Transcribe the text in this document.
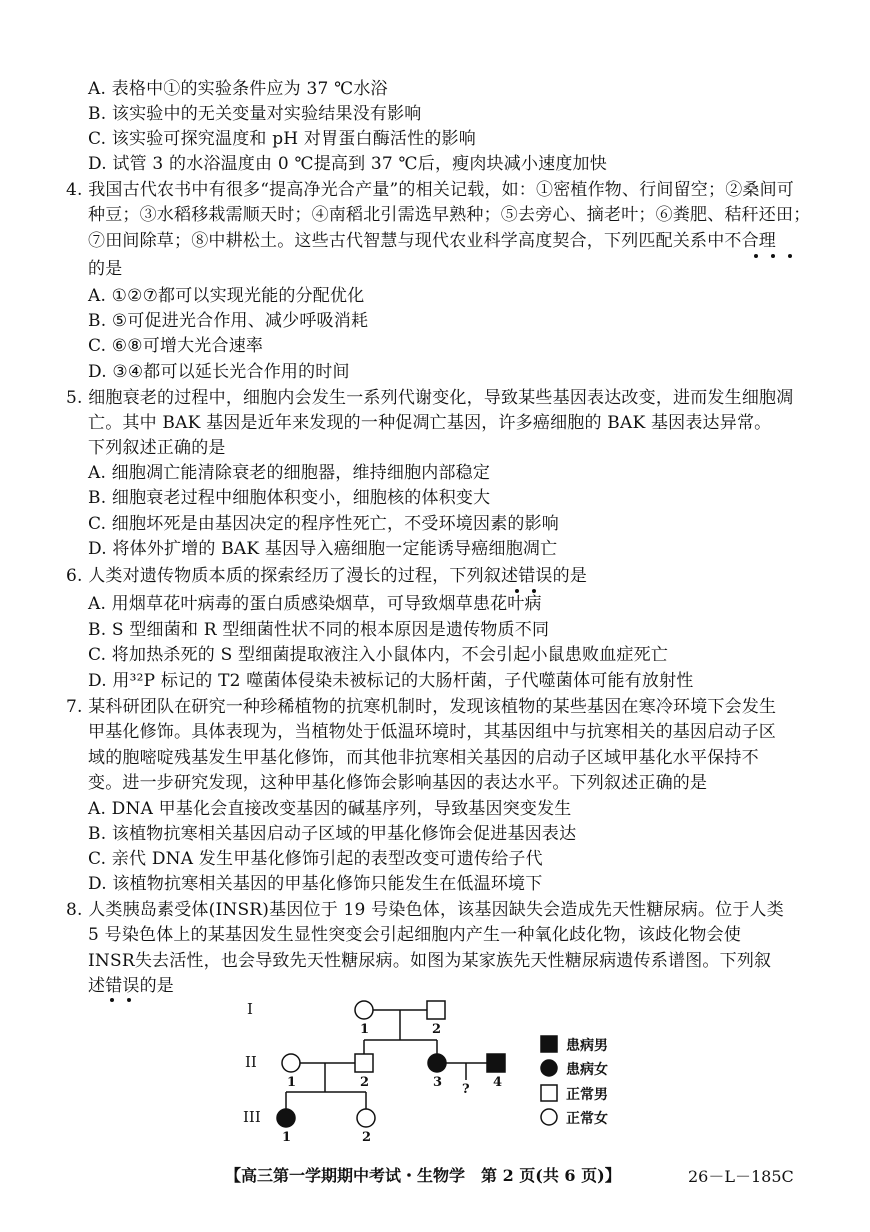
A. 表格中①的实验条件应为 37 ℃水浴
B. 该实验中的无关变量对实验结果没有影响
C. 该实验可探究温度和 pH 对胃蛋白酶活性的影响
D. 试管 3 的水浴温度由 0 ℃提高到 37 ℃后，瘦肉块减小速度加快
4. 我国古代农书中有很多“提高净光合产量”的相关记载，如：①密植作物、行间留空；②桑间可
种豆；③水稻移栽需顺天时；④南稻北引需选早熟种；⑤去旁心、摘老叶；⑥粪肥、秸秆还田；
⑦田间除草；⑧中耕松土。这些古代智慧与现代农业科学高度契合，下列匹配关系中不合理
的是
A. ①②⑦都可以实现光能的分配优化
B. ⑤可促进光合作用、减少呼吸消耗
C. ⑥⑧可增大光合速率
D. ③④都可以延长光合作用的时间
5. 细胞衰老的过程中，细胞内会发生一系列代谢变化，导致某些基因表达改变，进而发生细胞凋
亡。其中 BAK 基因是近年来发现的一种促凋亡基因，许多癌细胞的 BAK 基因表达异常。
下列叙述正确的是
A. 细胞凋亡能清除衰老的细胞器，维持细胞内部稳定
B. 细胞衰老过程中细胞体积变小，细胞核的体积变大
C. 细胞坏死是由基因决定的程序性死亡，不受环境因素的影响
D. 将体外扩增的 BAK 基因导入癌细胞一定能诱导癌细胞凋亡
6. 人类对遗传物质本质的探索经历了漫长的过程，下列叙述错误的是
A. 用烟草花叶病毒的蛋白质感染烟草，可导致烟草患花叶病
B. S 型细菌和 R 型细菌性状不同的根本原因是遗传物质不同
C. 将加热杀死的 S 型细菌提取液注入小鼠体内，不会引起小鼠患败血症死亡
D. 用³²P 标记的 T2 噬菌体侵染未被标记的大肠杆菌，子代噬菌体可能有放射性
7. 某科研团队在研究一种珍稀植物的抗寒机制时，发现该植物的某些基因在寒冷环境下会发生
甲基化修饰。具体表现为，当植物处于低温环境时，其基因组中与抗寒相关的基因启动子区
域的胞嘧啶残基发生甲基化修饰，而其他非抗寒相关基因的启动子区域甲基化水平保持不
变。进一步研究发现，这种甲基化修饰会影响基因的表达水平。下列叙述正确的是
A. DNA 甲基化会直接改变基因的碱基序列，导致基因突变发生
B. 该植物抗寒相关基因启动子区域的甲基化修饰会促进基因表达
C. 亲代 DNA 发生甲基化修饰引起的表型改变可遗传给子代
D. 该植物抗寒相关基因的甲基化修饰只能发生在低温环境下
8. 人类胰岛素受体(INSR)基因位于 19 号染色体，该基因缺失会造成先天性糖尿病。位于人类
5 号染色体上的某基因发生显性突变会引起细胞内产生一种氧化歧化物，该歧化物会使
INSR失去活性，也会导致先天性糖尿病。如图为某家族先天性糖尿病遗传系谱图。下列叙
述错误的是
I
II
III
1	2
1	2	3	4
?
1	2
患病男
患病女
正常男
正常女
【高三第一学期期中考试・生物学　第 2 页(共 6 页)】	26－L－185C
